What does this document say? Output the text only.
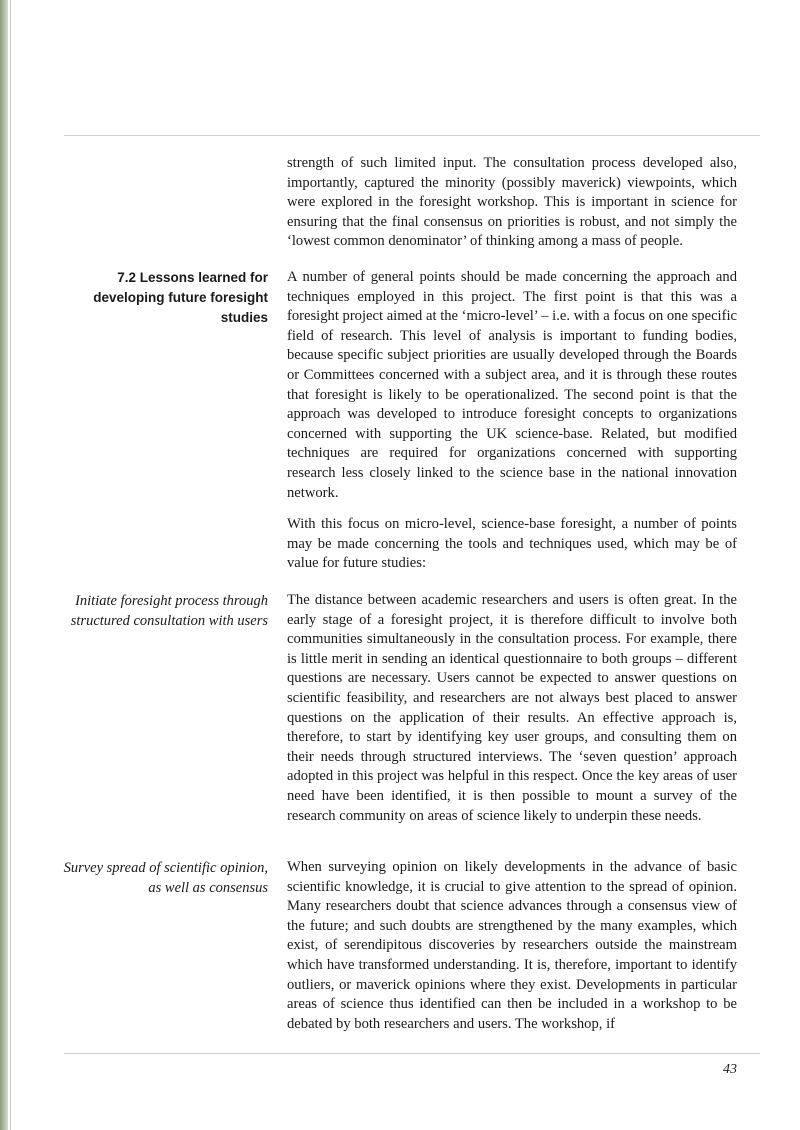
strength of such limited input. The consultation process developed also, importantly, captured the minority (possibly maverick) viewpoints, which were explored in the foresight workshop. This is important in science for ensuring that the final consensus on priorities is robust, and not simply the ‘lowest common denominator’ of thinking among a mass of people.

7.2 Lessons learned for developing future foresight studies

A number of general points should be made concerning the approach and techniques employed in this project. The first point is that this was a foresight project aimed at the ‘micro-level’ – i.e. with a focus on one specific field of research. This level of analysis is important to funding bodies, because specific subject priorities are usually developed through the Boards or Committees concerned with a subject area, and it is through these routes that foresight is likely to be operationalized. The second point is that the approach was developed to introduce foresight concepts to organizations concerned with supporting the UK science-base. Related, but modified techniques are required for organizations concerned with supporting research less closely linked to the science base in the national innovation network.

With this focus on micro-level, science-base foresight, a number of points may be made concerning the tools and techniques used, which may be of value for future studies:

Initiate foresight process through structured consultation with users

The distance between academic researchers and users is often great. In the early stage of a foresight project, it is therefore difficult to involve both communities simultaneously in the consultation process. For example, there is little merit in sending an identical questionnaire to both groups – different questions are necessary. Users cannot be expected to answer questions on scientific feasibility, and researchers are not always best placed to answer questions on the application of their results. An effective approach is, therefore, to start by identifying key user groups, and consulting them on their needs through structured interviews. The ‘seven question’ approach adopted in this project was helpful in this respect. Once the key areas of user need have been identified, it is then possible to mount a survey of the research community on areas of science likely to underpin these needs.

Survey spread of scientific opinion, as well as consensus

When surveying opinion on likely developments in the advance of basic scientific knowledge, it is crucial to give attention to the spread of opinion. Many researchers doubt that science advances through a consensus view of the future; and such doubts are strengthened by the many examples, which exist, of serendipitous discoveries by researchers outside the mainstream which have transformed understanding. It is, therefore, important to identify outliers, or maverick opinions where they exist. Developments in particular areas of science thus identified can then be included in a workshop to be debated by both researchers and users. The workshop, if

43
